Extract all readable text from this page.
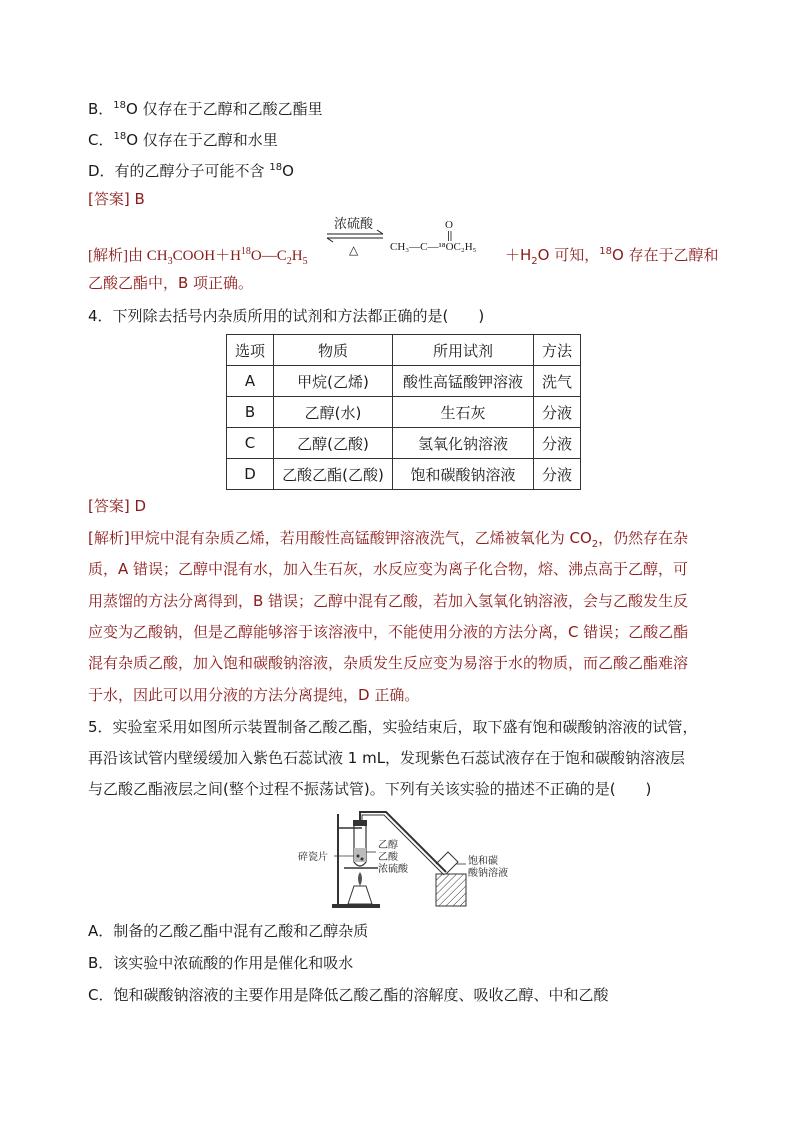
B．$^{18}$O 仅存在于乙醇和乙酸乙酯里
C．$^{18}$O 仅存在于乙醇和水里
D．有的乙醇分子可能不含 $^{18}$O
[答案] B
浓硫酸
△
O
CH₃—C—¹⁸OC₂H₅
[解析]由 $CH_3COOH+H^{18}O—C_2H_5$	$+H_2O$ 可知，$^{18}$O 存在于乙醇和
乙酸乙酯中，B 项正确。
4．下列除去括号内杂质所用的试剂和方法都正确的是(　　)
选项	物质	所用试剂	方法
A	甲烷(乙烯)	酸性高锰酸钾溶液	洗气
B	乙醇(水)	生石灰	分液
C	乙醇(乙酸)	氢氧化钠溶液	分液
D	乙酸乙酯(乙酸)	饱和碳酸钠溶液	分液
[答案] D
[解析]甲烷中混有杂质乙烯，若用酸性高锰酸钾溶液洗气，乙烯被氧化为 $CO_2$，仍然存在杂
质，A 错误；乙醇中混有水，加入生石灰，水反应变为离子化合物，熔、沸点高于乙醇，可
用蒸馏的方法分离得到，B 错误；乙醇中混有乙酸，若加入氢氧化钠溶液，会与乙酸发生反
应变为乙酸钠，但是乙醇能够溶于该溶液中，不能使用分液的方法分离，C 错误；乙酸乙酯
混有杂质乙酸，加入饱和碳酸钠溶液，杂质发生反应变为易溶于水的物质，而乙酸乙酯难溶
于水，因此可以用分液的方法分离提纯，D 正确。
5．实验室采用如图所示装置制备乙酸乙酯，实验结束后，取下盛有饱和碳酸钠溶液的试管，
再沿该试管内壁缓缓加入紫色石蕊试液 1 mL，发现紫色石蕊试液存在于饱和碳酸钠溶液层
与乙酸乙酯液层之间(整个过程不振荡试管)。下列有关该实验的描述不正确的是(　　)
碎瓷片
乙醇
乙酸
浓硫酸
饱和碳
酸钠溶液
A．制备的乙酸乙酯中混有乙酸和乙醇杂质
B．该实验中浓硫酸的作用是催化和吸水
C．饱和碳酸钠溶液的主要作用是降低乙酸乙酯的溶解度、吸收乙醇、中和乙酸
